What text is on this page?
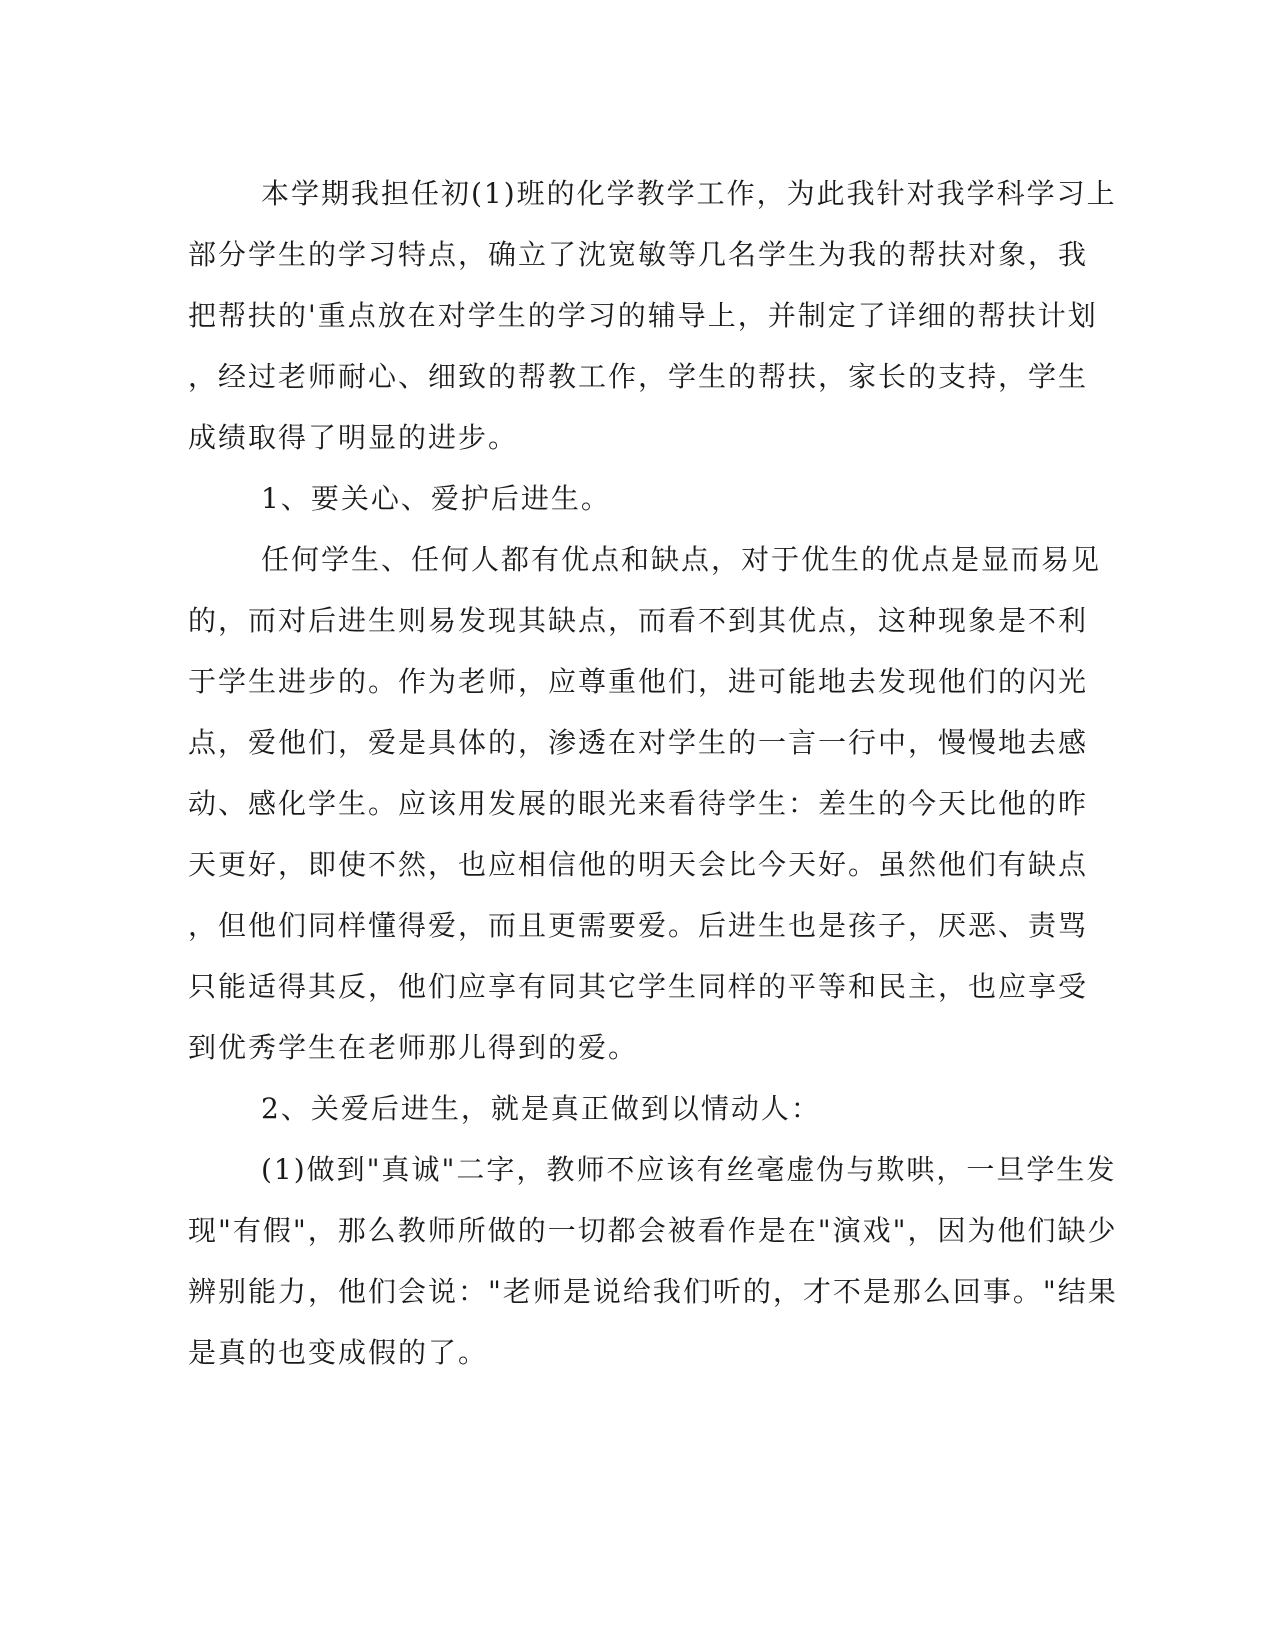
本学期我担任初(1)班的化学教学工作，为此我针对我学科学习上
部分学生的学习特点，确立了沈宽敏等几名学生为我的帮扶对象，我
把帮扶的'重点放在对学生的学习的辅导上，并制定了详细的帮扶计划
，经过老师耐心、细致的帮教工作，学生的帮扶，家长的支持，学生
成绩取得了明显的进步。
1、要关心、爱护后进生。
任何学生、任何人都有优点和缺点，对于优生的优点是显而易见
的，而对后进生则易发现其缺点，而看不到其优点，这种现象是不利
于学生进步的。作为老师，应尊重他们，进可能地去发现他们的闪光
点，爱他们，爱是具体的，渗透在对学生的一言一行中，慢慢地去感
动、感化学生。应该用发展的眼光来看待学生：差生的今天比他的昨
天更好，即使不然，也应相信他的明天会比今天好。虽然他们有缺点
，但他们同样懂得爱，而且更需要爱。后进生也是孩子，厌恶、责骂
只能适得其反，他们应享有同其它学生同样的平等和民主，也应享受
到优秀学生在老师那儿得到的爱。
2、关爱后进生，就是真正做到以情动人：
(1)做到"真诚"二字，教师不应该有丝毫虚伪与欺哄，一旦学生发
现"有假"，那么教师所做的一切都会被看作是在"演戏"，因为他们缺少
辨别能力，他们会说："老师是说给我们听的，才不是那么回事。"结果
是真的也变成假的了。
